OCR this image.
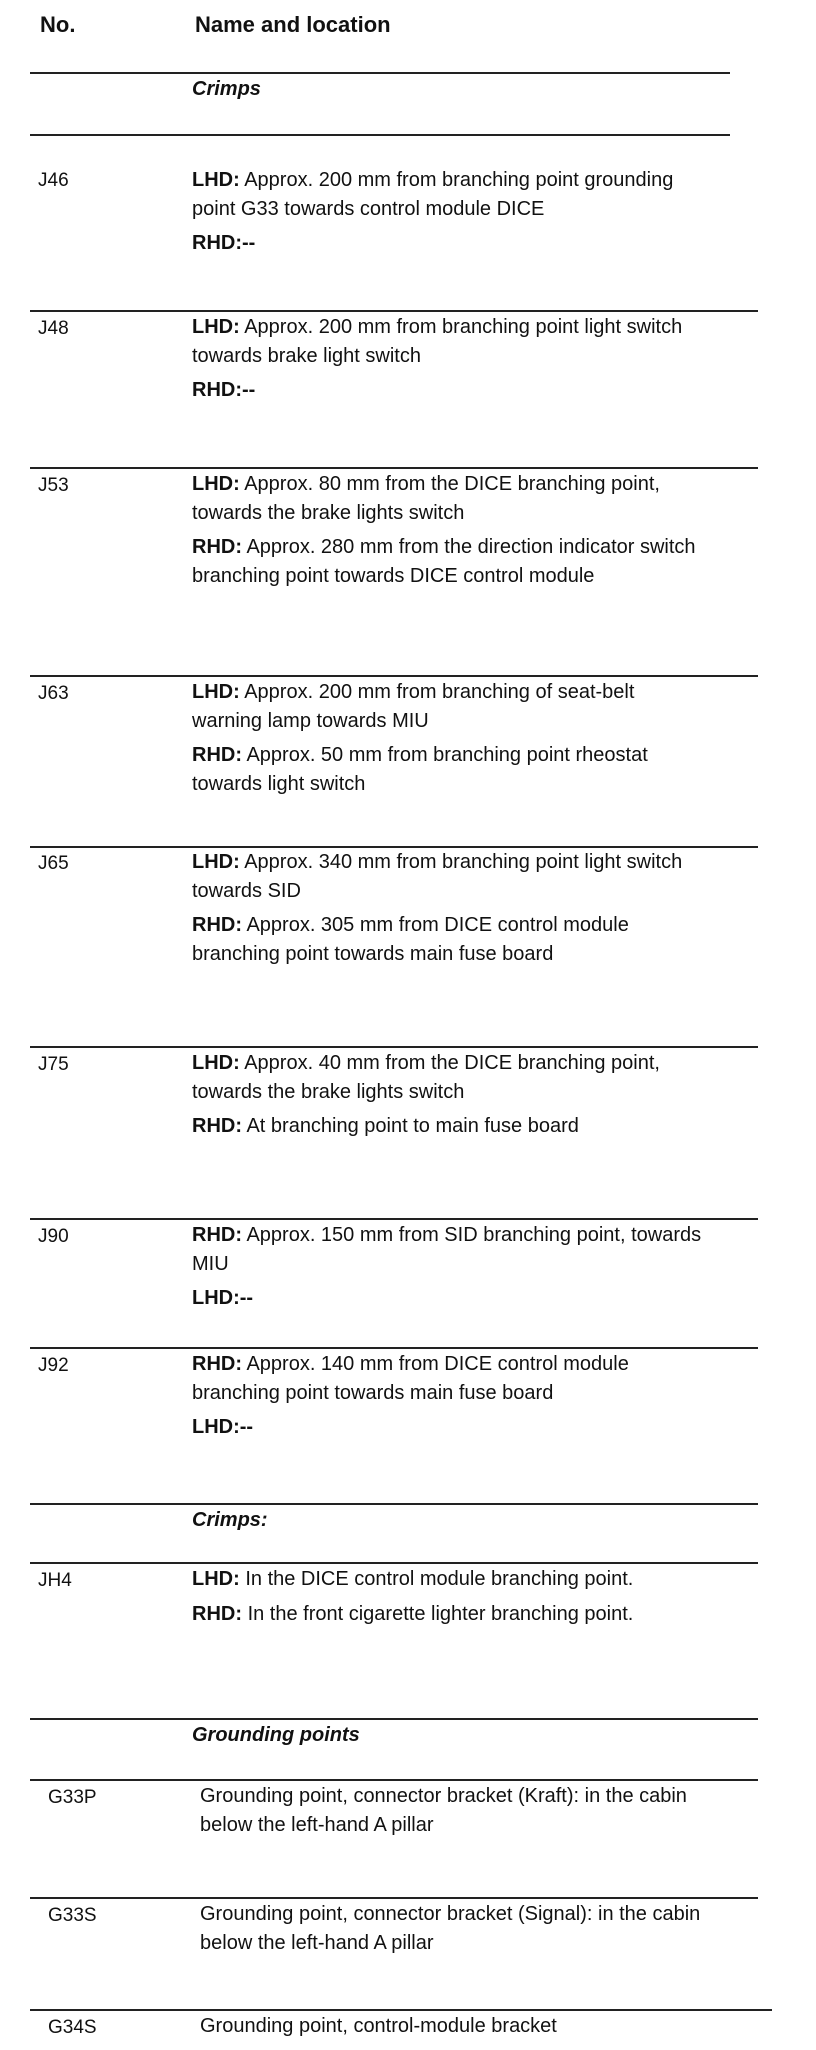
No.	Name and location
Crimps
J46	LHD: Approx. 200 mm from branching point grounding point G33 towards control module DICE

RHD:--

J48	LHD: Approx. 200 mm from branching point light switch towards brake light switch

RHD:--

J53	LHD: Approx. 80 mm from the DICE branching point, towards the brake lights switch

RHD: Approx. 280 mm from the direction indicator switch branching point towards DICE control module

J63	LHD: Approx. 200 mm from branching of seat-belt warning lamp towards MIU

RHD: Approx. 50 mm from branching point rheostat towards light switch

J65	LHD: Approx. 340 mm from branching point light switch towards SID

RHD: Approx. 305 mm from DICE control module branching point towards main fuse board

J75	LHD: Approx. 40 mm from the DICE branching point, towards the brake lights switch

RHD: At branching point to main fuse board

J90	RHD: Approx. 150 mm from SID branching point, towards MIU

LHD:--

J92	RHD: Approx. 140 mm from DICE control module branching point towards main fuse board

LHD:--

Crimps:
JH4	LHD: In the DICE control module branching point.

RHD: In the front cigarette lighter branching point.

Grounding points
G33P	Grounding point, connector bracket (Kraft): in the cabin below the left-hand A pillar

G33S	Grounding point, connector bracket (Signal): in the cabin below the left-hand A pillar

G34S	Grounding point, control-module bracket
